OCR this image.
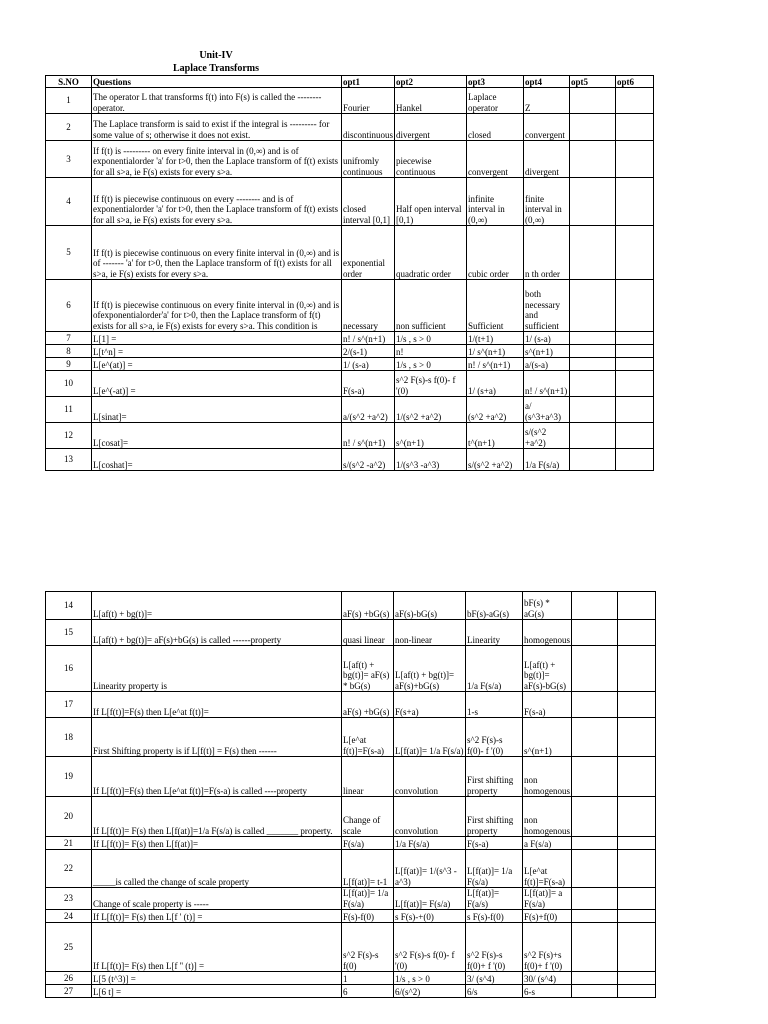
Unit-IV
Laplace Transforms
S.NO	Questions	opt1	opt2	opt3	opt4	opt5	opt6
1	The operator L that transforms f(t) into F(s) is called the -------- operator.	Fourier	Hankel	Laplace operator	Z		
2	The Laplace transform is said to exist if the integral is --------- for some value of s; otherwise it does not exist.	discontinuous	divergent	closed	convergent		
3	If f(t) is --------- on every finite interval in (0,∞) and is of exponentialorder 'a' for t>0, then the Laplace transform of f(t) exists for all s>a, ie F(s) exists for every s>a.	unifromly continuous	piecewise continuous	convergent	divergent		
4	If f(t) is piecewise continuous on every -------- and is of exponentialorder 'a' for t>0, then the Laplace transform of f(t) exists for all s>a, ie F(s) exists for every s>a.	closed interval [0,1]	Half open interval [0,1)	infinite interval in (0,∞)	finite interval in (0,∞)		
5	If f(t) is piecewise continuous on every finite interval in (0,∞) and is of ------- 'a' for t>0, then the Laplace transform of f(t) exists for all s>a, ie F(s) exists for every s>a.	exponential order	quadratic order	cubic order	n th order		
6	If f(t) is piecewise continuous on every finite interval in (0,∞) and is ofexponentialorder'a' for t>0, then the Laplace transform of f(t) exists for all s>a, ie F(s) exists for every s>a. This condition is	necessary	non sufficient	Sufficient	both necessary and sufficient		
7	L[1] =	n! / s^(n+1)	1/s , s > 0	1/(t+1)	1/ (s-a)		
8	L[t^n] =	2/(s-1)	n!	1/ s^(n+1)	s^(n+1)		
9	L[e^(at)] =	1/ (s-a)	1/s , s > 0	n! / s^(n+1)	a/(s-a)		
10	L[e^(-at)] =	F(s-a)	s^2 F(s)-s f(0)- f '(0)	1/ (s+a)	n! / s^(n+1)		
11	L[sinat]=	a/(s^2 +a^2)	1/(s^2 +a^2)	(s^2 +a^2)	a/ (s^3+a^3)		
12	L[cosat]=	n! / s^(n+1)	s^(n+1)	t^(n+1)	s/(s^2 +a^2)		
13	L[coshat]=	s/(s^2 -a^2)	1/(s^3 -a^3)	s/(s^2 +a^2)	1/a F(s/a)		
14	L[af(t) + bg(t)]=	aF(s) +bG(s)	aF(s)-bG(s)	bF(s)-aG(s)	bF(s) * aG(s)		
15	L[af(t) + bg(t)]= aF(s)+bG(s) is called ------property	quasi linear	non-linear	Linearity	homogenous		
16	Linearity property is	L[af(t) + bg(t)]= aF(s) * bG(s)	L[af(t) + bg(t)]= aF(s)+bG(s)	1/a F(s/a)	L[af(t) + bg(t)]= aF(s)-bG(s)		
17	If L[f(t)]=F(s) then L[e^at f(t)]=	aF(s) +bG(s)	F(s+a)	1-s	F(s-a)		
18	First Shifting property is if L[f(t)] = F(s) then ------	L[e^at f(t)]=F(s-a)	L[f(at)]= 1/a F(s/a)	s^2 F(s)-s f(0)- f '(0)	s^(n+1)		
19	If L[f(t)]=F(s) then L[e^at f(t)]=F(s-a) is called ----property	linear	convolution	First shifting property	non homogenous		
20	If L[f(t)]= F(s) then L[f(at)]=1/a F(s/a) is called _______ property.	Change of scale	convolution	First shifting property	non homogenous		
21	If L[f(t)]= F(s) then L[f(at)]=	F(s/a)	1/a F(s/a)	F(s-a)	a F(s/a)		
22	_____is called the change of scale property	L[f(at)]= t-1	L[f(at)]= 1/(s^3 -a^3)	L[f(at)]= 1/a F(s/a)	L[e^at f(t)]=F(s-a)		
23	Change of scale property is -----	L[f(at)]= 1/a F(s/a)	L[f(at)]= F(s/a)	L[f(at)]= F(a/s)	L[f(at)]= a F(s/a)		
24	If L[f(t)]= F(s) then L[f ' (t)] =	F(s)-f(0)	s F(s)-+(0)	s F(s)-f(0)	F(s)+f(0)		
25	If L[f(t)]= F(s) then L[f '' (t)] =	s^2 F(s)-s f(0)	s^2 F(s)-s f(0)- f '(0)	s^2 F(s)-s f(0)+ f '(0)	s^2 F(s)+s f(0)+ f '(0)		
26	L[5 (t^3)] =	1	1/s , s > 0	3/ (s^4)	30/ (s^4)		
27	L[6 t] =	6	6/(s^2)	6/s	6-s		
